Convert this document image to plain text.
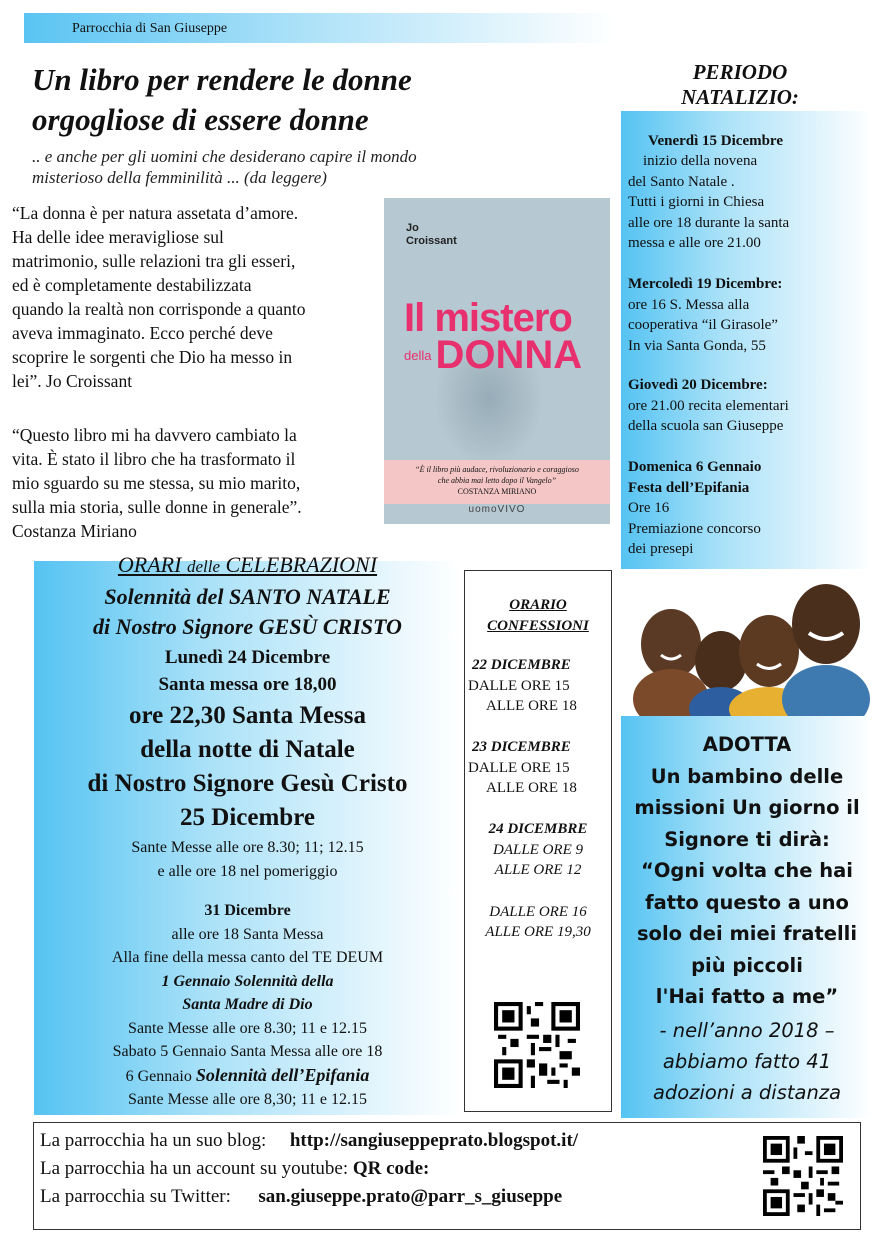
Parrocchia di San Giuseppe
Un libro per rendere le donne
orgogliose di essere donne
.. e anche per gli uomini che desiderano capire il mondo
misterioso della femminilità ... (da leggere)
“La donna è per natura assetata d’amore.
Ha delle idee meravigliose sul
matrimonio, sulle relazioni tra gli esseri,
ed è completamente destabilizzata
quando la realtà non corrisponde a quanto
aveva immaginato. Ecco perché deve
scoprire le sorgenti che Dio ha messo in
lei”. Jo Croissant
“Questo libro mi ha davvero cambiato la
vita. È stato il libro che ha trasformato il
mio sguardo su me stessa, su mio marito,
sulla mia storia, sulle donne in generale”.
Costanza Miriano
Jo
Croissant
Il mistero
della DONNA
“È il libro più audace, rivoluzionario e coraggioso
che abbia mai letto dopo il Vangelo”
COSTANZA MIRIANO
uomoVIVO
PERIODO
NATALIZIO:
Venerdì 15 Dicembre
inizio della novena
del Santo Natale .
Tutti i giorni in Chiesa
alle ore 18 durante la santa
messa e alle ore 21.00
Mercoledì 19 Dicembre:
ore 16 S. Messa alla
cooperativa “il Girasole”
In via Santa Gonda, 55
Giovedì 20 Dicembre:
ore 21.00 recita elementari
della scuola san Giuseppe
Domenica 6 Gennaio
Festa dell’Epifania
Ore 16
Premiazione concorso
dei presepi
ADOTTA
Un bambino delle
missioni Un giorno il
Signore ti dirà:
“Ogni volta che hai
fatto questo a uno
solo dei miei fratelli
più piccoli
l'Hai fatto a me”
- nell’anno 2018 –
abbiamo fatto 41
adozioni a distanza
ORARI delle CELEBRAZIONI
Solennità del SANTO NATALE
di Nostro Signore GESÙ CRISTO
Lunedì 24 Dicembre
Santa messa ore 18,00
ore 22,30 Santa Messa
della notte di Natale
di Nostro Signore Gesù Cristo
25 Dicembre
Sante Messe alle ore 8.30; 11; 12.15
e alle ore 18 nel pomeriggio
31 Dicembre
alle ore 18 Santa Messa
Alla fine della messa canto del TE DEUM
1 Gennaio Solennità della
Santa Madre di Dio
Sante Messe alle ore 8.30; 11 e 12.15
Sabato 5 Gennaio Santa Messa alle ore 18
6 Gennaio Solennità dell’Epifania
Sante Messe alle ore 8,30; 11 e 12.15
ORARIO
CONFESSIONI
22 DICEMBRE
DALLE ORE 15
ALLE ORE 18
23 DICEMBRE
DALLE ORE 15
ALLE ORE 18
24 DICEMBRE
DALLE ORE 9
ALLE ORE 12
DALLE ORE 16
ALLE ORE 19,30
La parrocchia ha un suo blog: http://sangiuseppeprato.blogspot.it/
La parrocchia ha un account su youtube: QR code:
La parrocchia su Twitter: san.giuseppe.prato@parr_s_giuseppe
